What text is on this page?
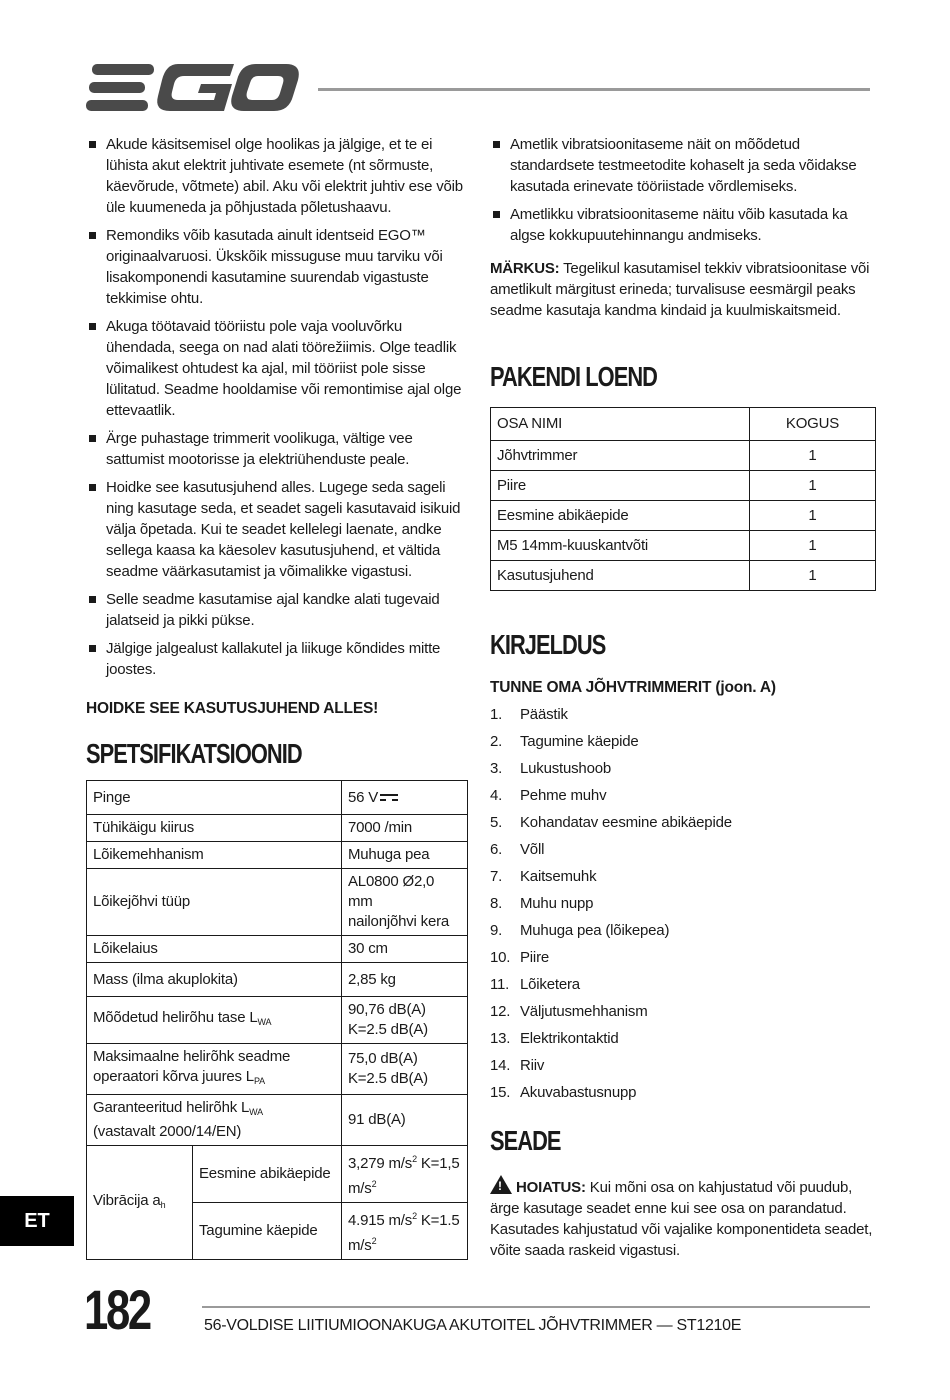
Akude käsitsemisel olge hoolikas ja jälgige, et te ei lühista akut elektrit juhtivate esemete (nt sõrmuste, käevõrude, võtmete) abil. Aku või elektrit juhtiv ese võib üle kuumeneda ja põhjustada põletushaavu.
Remondiks võib kasutada ainult identseid EGO™ originaalvaruosi. Ükskõik missuguse muu tarviku või lisakomponendi kasutamine suurendab vigastuste tekkimise ohtu.
Akuga töötavaid tööriistu pole vaja vooluvõrku ühendada, seega on nad alati töörežiimis. Olge teadlik võimalikest ohtudest ka ajal, mil tööriist pole sisse lülitatud. Seadme hooldamise või remontimise ajal olge ettevaatlik.
Ärge puhastage trimmerit voolikuga, vältige vee sattumist mootorisse ja elektriühenduste peale.
Hoidke see kasutusjuhend alles. Lugege seda sageli ning kasutage seda, et seadet sageli kasutavaid isikuid välja õpetada. Kui te seadet kellelegi laenate, andke sellega kaasa ka käesolev kasutusjuhend, et vältida seadme väärkasutamist ja võimalikke vigastusi.
Selle seadme kasutamise ajal kandke alati tugevaid jalatseid ja pikki pükse.
Jälgige jalgealust kallakutel ja liikuge kõndides mitte joostes.
HOIDKE SEE KASUTUSJUHEND ALLES!
SPETSIFIKATSIOONID
Pinge		56 V
Tühikäigu kiirus		7000 /min
Lõikemehhanism		Muhuga pea
Lõikejõhvi tüüp		AL0800 Ø2,0 mm
nailonjõhvi kera
Lõikelaius		30 cm
Mass (ilma akuplokita)		2,85 kg
Mõõdetud helirõhu tase $L_{WA}$		90,76 dB(A)
K=2.5 dB(A)
Maksimaalne helirõhk seadme
operaatori kõrva juures $L_{PA}$		75,0 dB(A)
K=2.5 dB(A)
Garanteeritud helirõhk $L_{WA}$
(vastavalt 2000/14/EN)		91 dB(A)
Vibrācija $a_h$	Eesmine abikäepide	3,279 $m/s^2$ K=1,5
$m/s^2$
	Tagumine käepide	4.915 $m/s^2$ K=1.5
$m/s^2$
Ametlik vibratsioonitaseme näit on mõõdetud standardsete testmeetodite kohaselt ja seda võidakse kasutada erinevate tööriistade võrdlemiseks.
Ametlikku vibratsioonitaseme näitu võib kasutada ka algse kokkupuutehinnangu andmiseks.

MÄRKUS: Tegelikul kasutamisel tekkiv vibratsioonitase või ametlikult märgitust erineda; turvalisuse eesmärgil peaks seadme kasutaja kandma kindaid ja kuulmiskaitsmeid.

PAKENDI LOEND
OSA NIMI	KOGUS
Jõhvtrimmer	1
Piire	1
Eesmine abikäepide	1
M5 14mm-kuuskantvõti	1
Kasutusjuhend	1
KIRJELDUS
TUNNE OMA JÕHVTRIMMERIT (joon. A)
1.	Päästik
2.	Tagumine käepide
3.	Lukustushoob
4.	Pehme muhv
5.	Kohandatav eesmine abikäepide
6.	Võll
7.	Kaitsemuhk
8.	Muhu nupp
9.	Muhuga pea (lõikepea)
10. Piire
11. Lõiketera
12. Väljutusmehhanism
13. Elektrikontaktid
14. Riiv
15. Akuvabastusnupp
SEADE

!HOIATUS: Kui mõni osa on kahjustatud või puudub, ärge kasutage seadet enne kui see osa on parandatud. Kasutades kahjustatud või vajalike komponentideta seadet, võite saada raskeid vigastusi.

ET
182	56-VOLDISE LIITIUMIOONAKUGA AKUTOITEL JÕHVTRIMMER — ST1210E
